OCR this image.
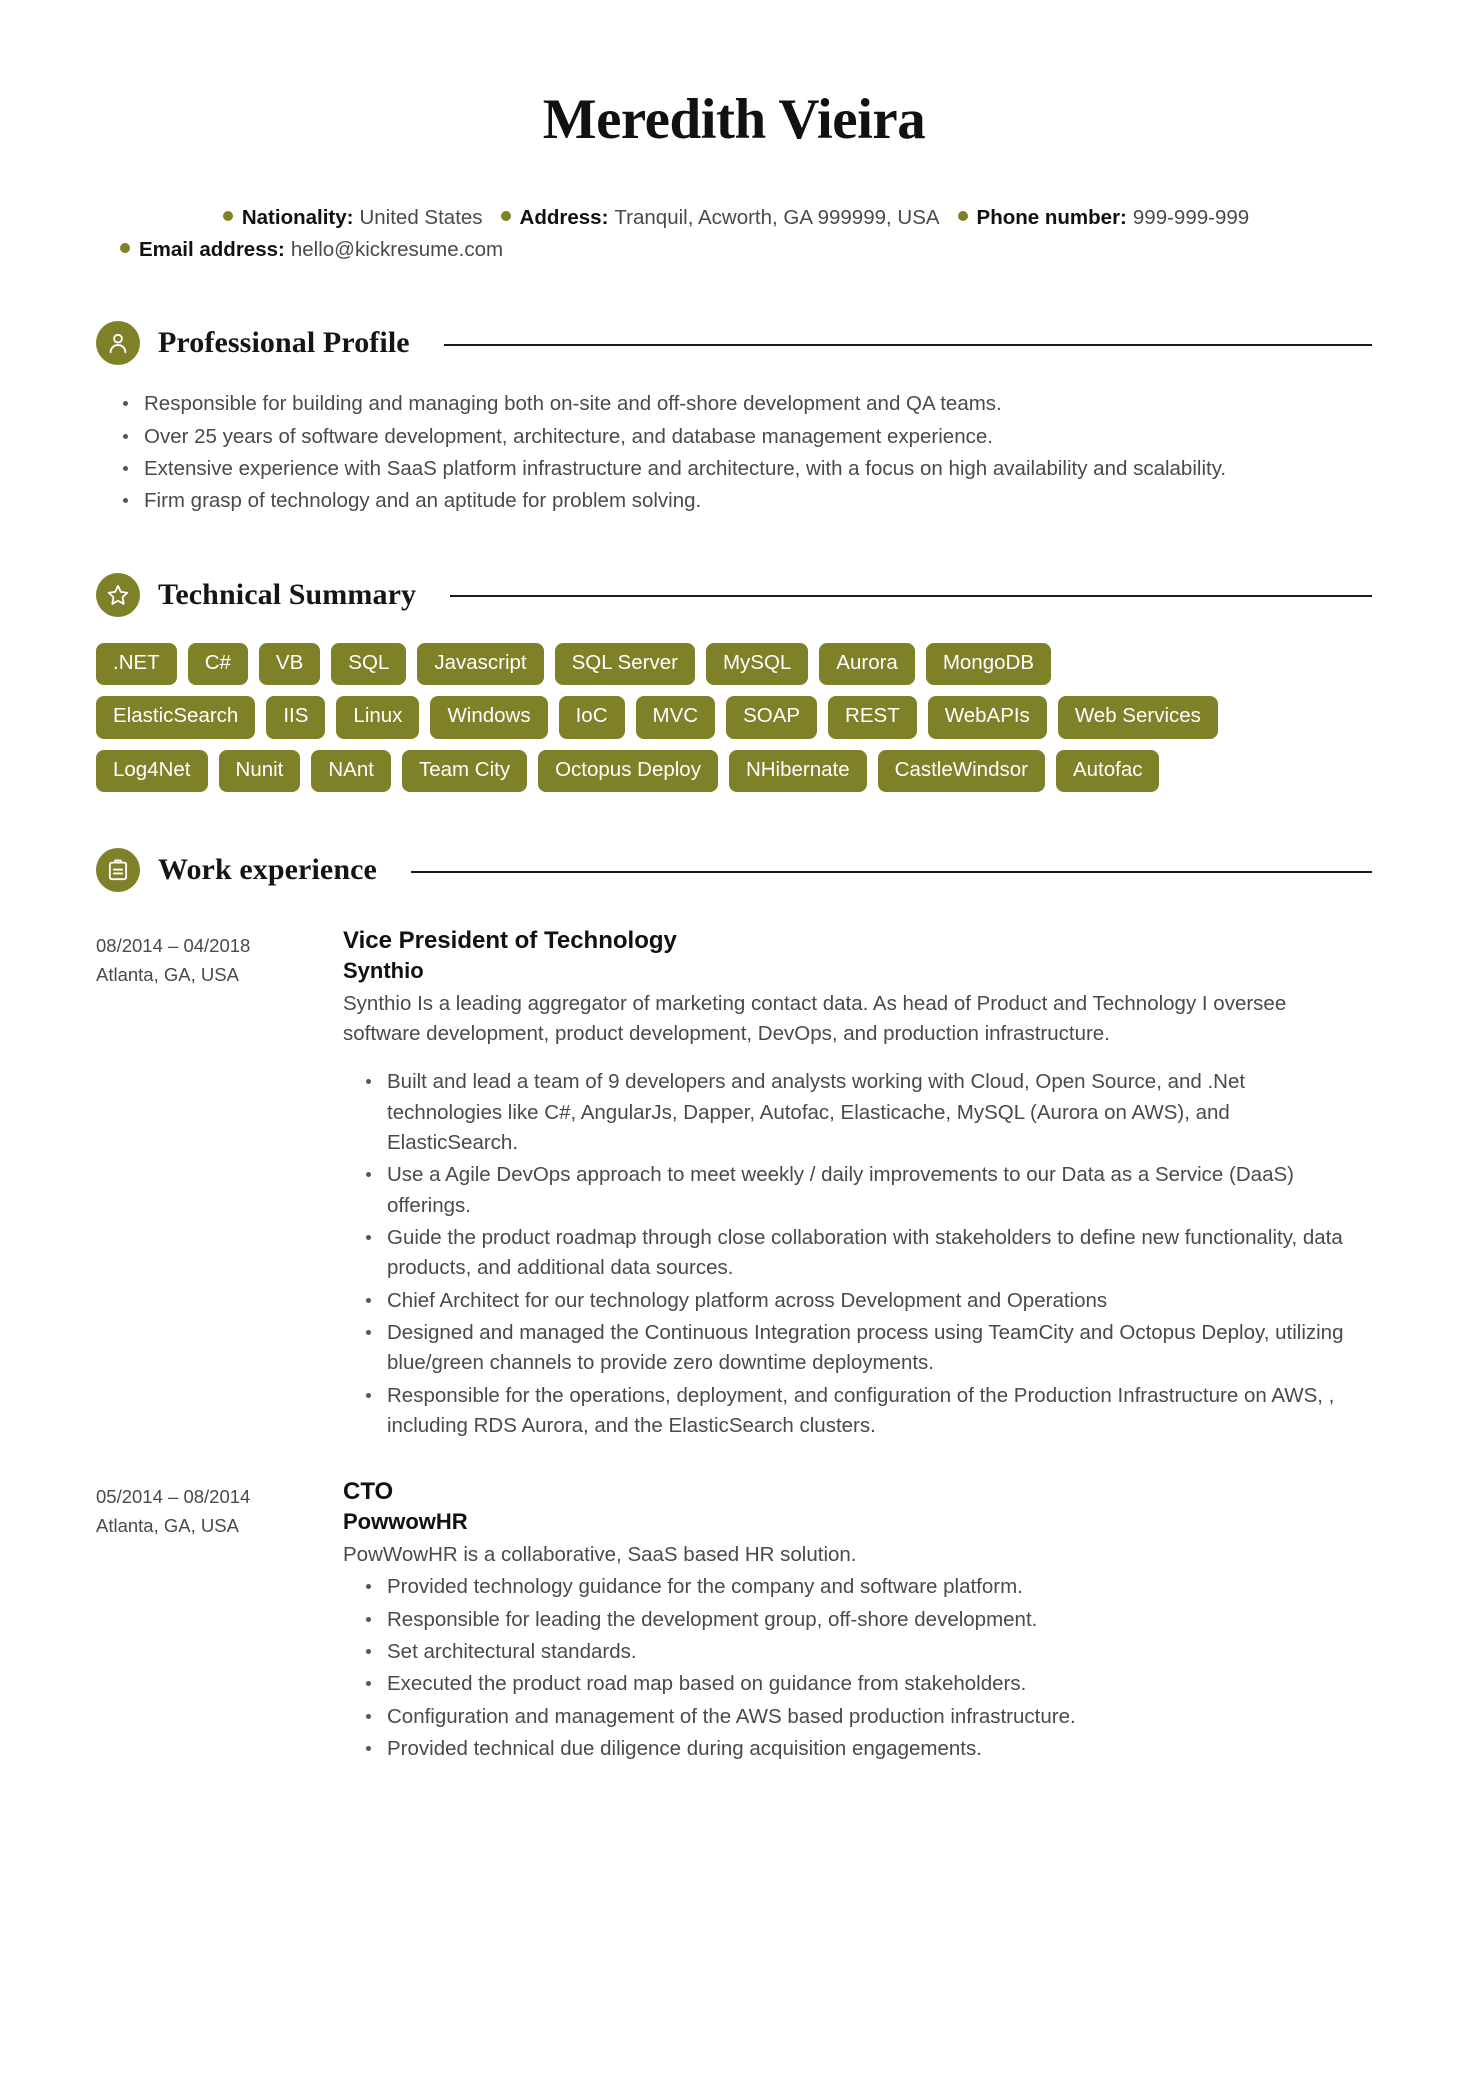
Meredith Vieira
Nationality: United States Address: Tranquil, Acworth, GA 999999, USA Phone number: 999-999-999
Email address: hello@kickresume.com
Professional Profile
Responsible for building and managing both on-site and off-shore development and QA teams.
Over 25 years of software development, architecture, and database management experience.
Extensive experience with SaaS platform infrastructure and architecture, with a focus on high availability and scalability.
Firm grasp of technology and an aptitude for problem solving.
Technical Summary
.NET	C#	VB	SQL	Javascript	SQL Server	MySQL	Aurora	MongoDB
ElasticSearch	IIS	Linux	Windows	IoC	MVC	SOAP	REST	WebAPIs	Web Services
Log4Net	Nunit	NAnt	Team City	Octopus Deploy	NHibernate	CastleWindsor	Autofac
Work experience
08/2014 – 04/2018
Atlanta, GA, USA
Vice President of Technology
Synthio
Synthio Is a leading aggregator of marketing contact data. As head of Product and Technology I oversee software development, product development, DevOps, and production infrastructure.
Built and lead a team of 9 developers and analysts working with Cloud, Open Source, and .Net technologies like C#, AngularJs, Dapper, Autofac, Elasticache, MySQL (Aurora on AWS), and ElasticSearch.
Use a Agile DevOps approach to meet weekly / daily improvements to our Data as a Service (DaaS) offerings.
Guide the product roadmap through close collaboration with stakeholders to define new functionality, data products, and additional data sources.
Chief Architect for our technology platform across Development and Operations
Designed and managed the Continuous Integration process using TeamCity and Octopus Deploy, utilizing blue/green channels to provide zero downtime deployments.
Responsible for the operations, deployment, and configuration of the Production Infrastructure on AWS, , including RDS Aurora, and the ElasticSearch clusters.
05/2014 – 08/2014
Atlanta, GA, USA
CTO
PowwowHR
PowWowHR is a collaborative, SaaS based HR solution.
Provided technology guidance for the company and software platform.
Responsible for leading the development group, off-shore development.
Set architectural standards.
Executed the product road map based on guidance from stakeholders.
Configuration and management of the AWS based production infrastructure.
Provided technical due diligence during acquisition engagements.
